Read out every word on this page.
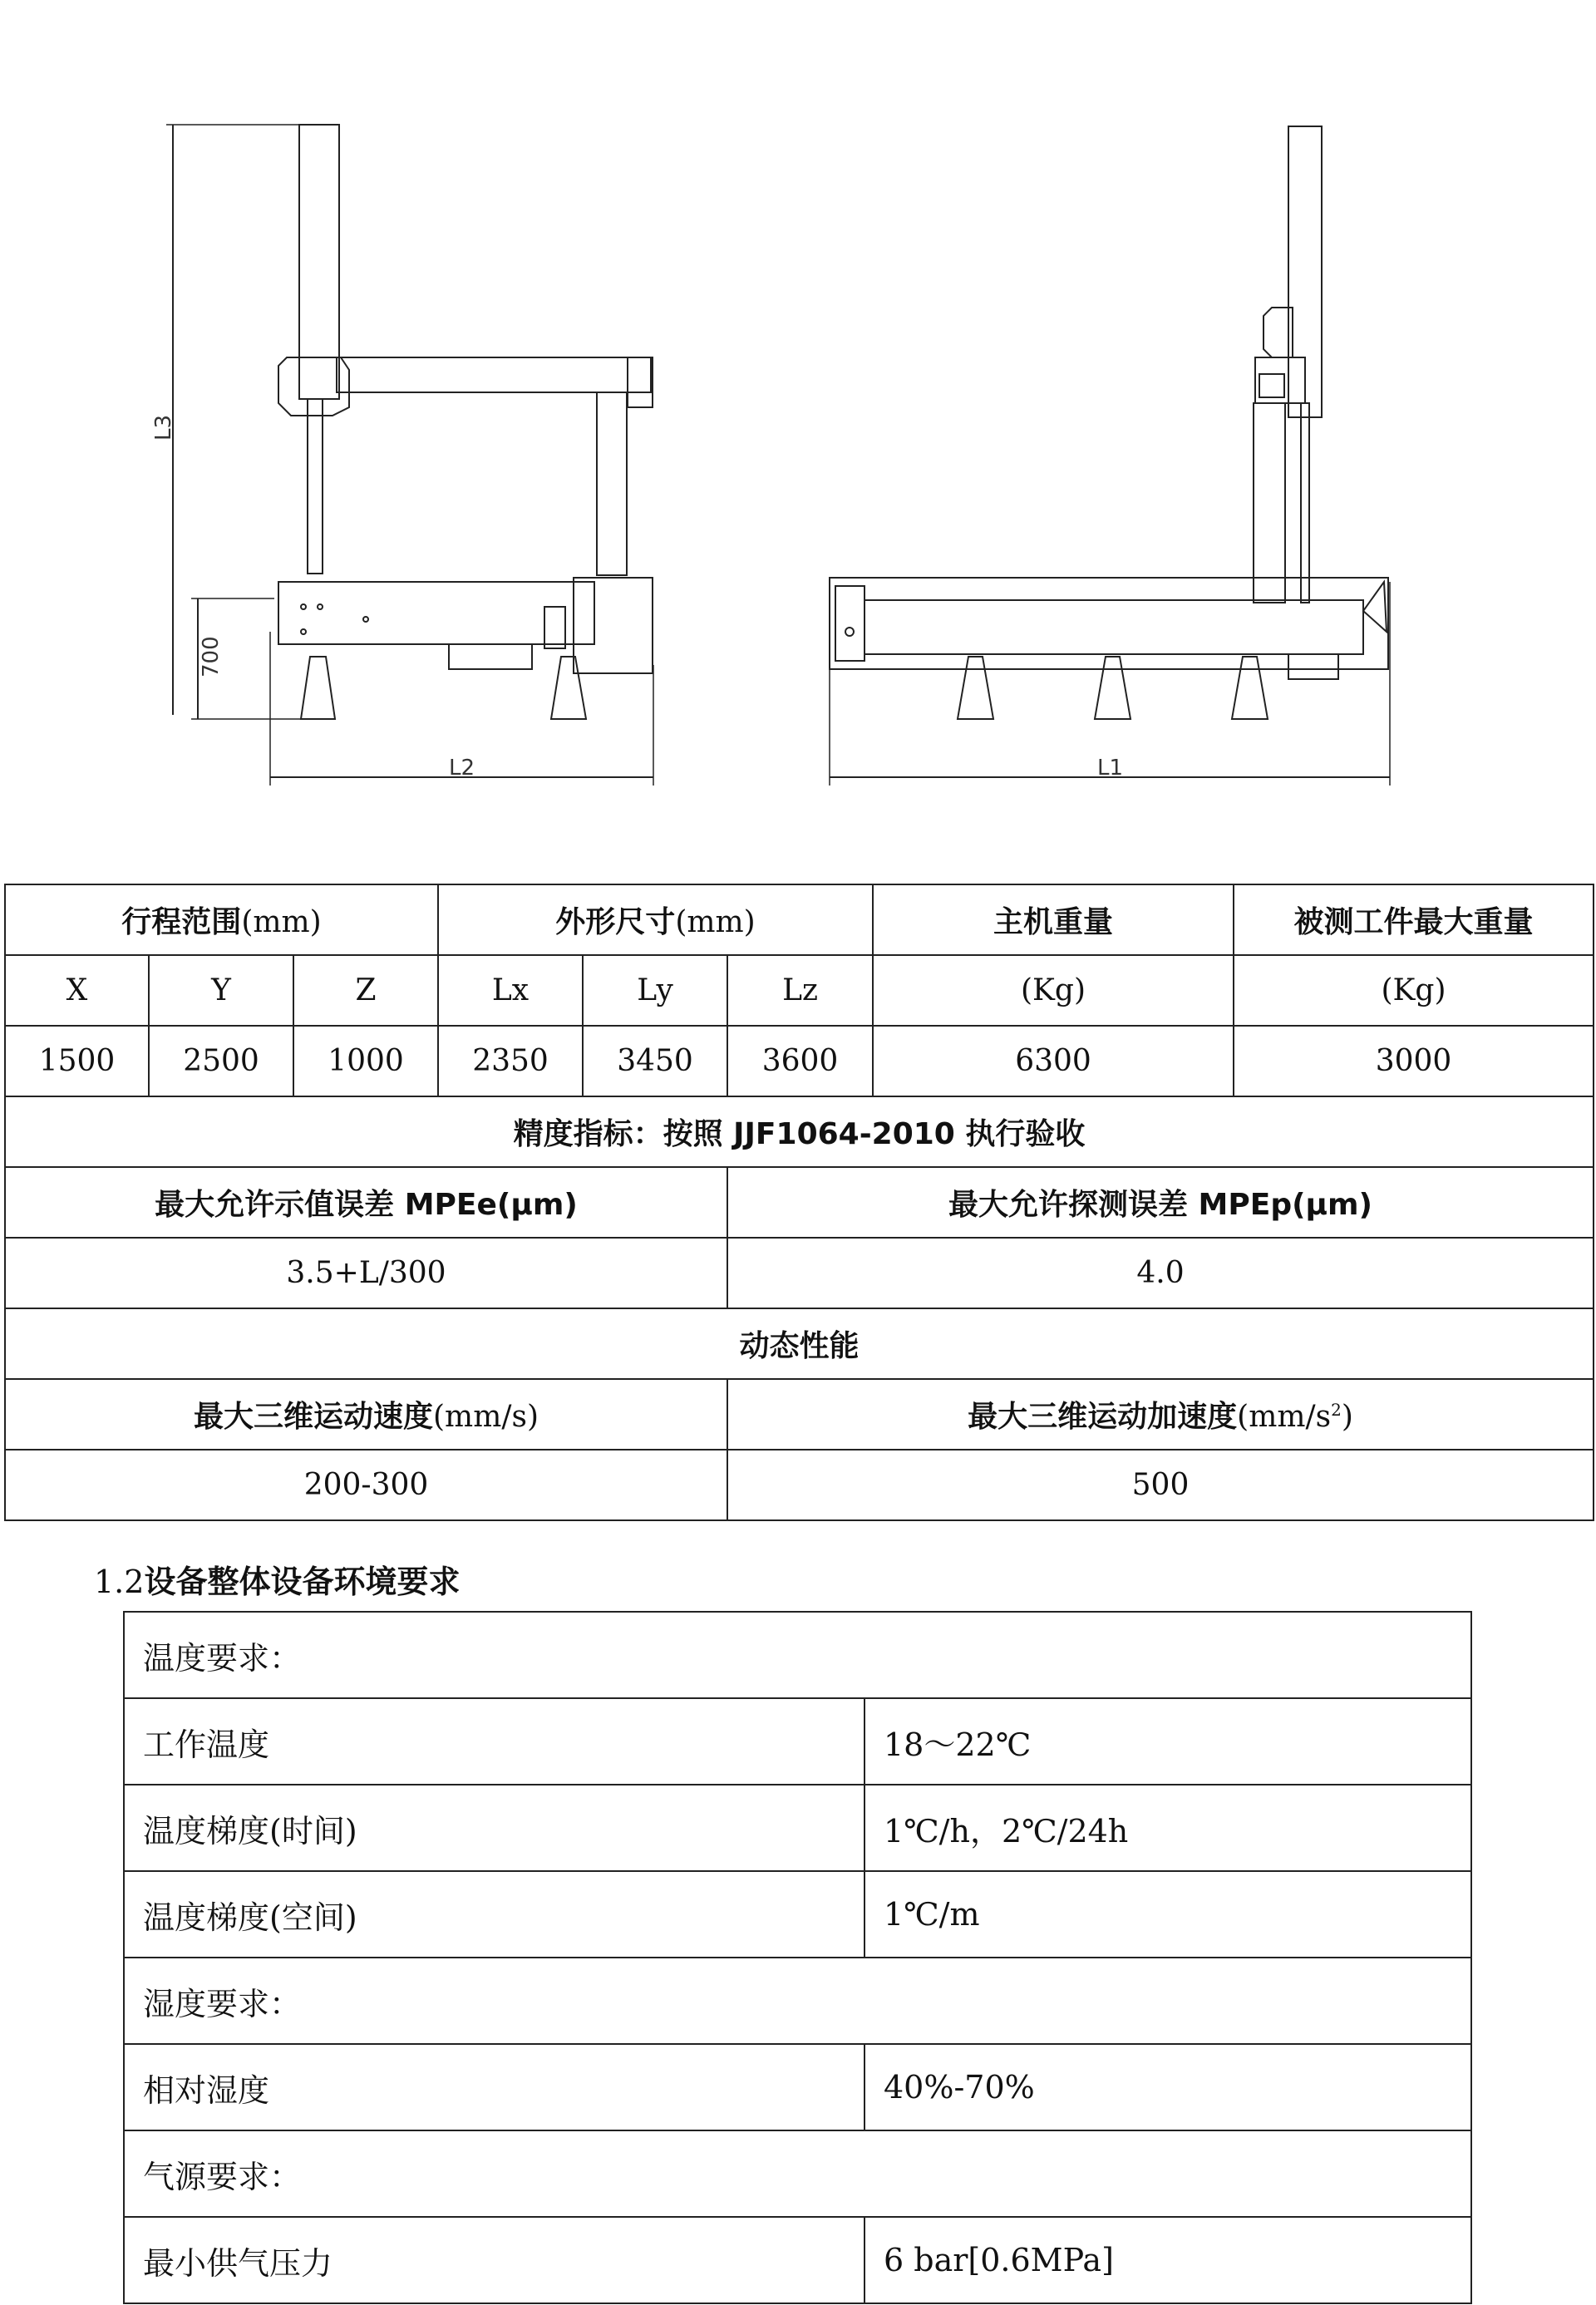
L3
700
L2	L1
行程范围(mm)			外形尺寸(mm)			主机重量	被测工件最大重量
X	Y	Z	Lx	Ly	Lz	(Kg)	(Kg)
1500	2500	1000	2350	3450	3600	6300	3000
精度指标：按照 JJF1064-2010 执行验收							
最大允许示值误差 MPEe(μm)					最大允许探测误差 MPEp(μm)		
3.5+L/300					4.0		
动态性能							
最大三维运动速度(mm/s)					最大三维运动加速度$(mm/s^2)$		
200-300					500		
1.2设备整体设备环境要求
温度要求：	
工作温度	18～22℃
温度梯度(时间)	1℃/h，2℃/24h
温度梯度(空间)	1℃/m
湿度要求：	
相对湿度	40%-70%
气源要求：	
最小供气压力	6 bar[0.6MPa]
